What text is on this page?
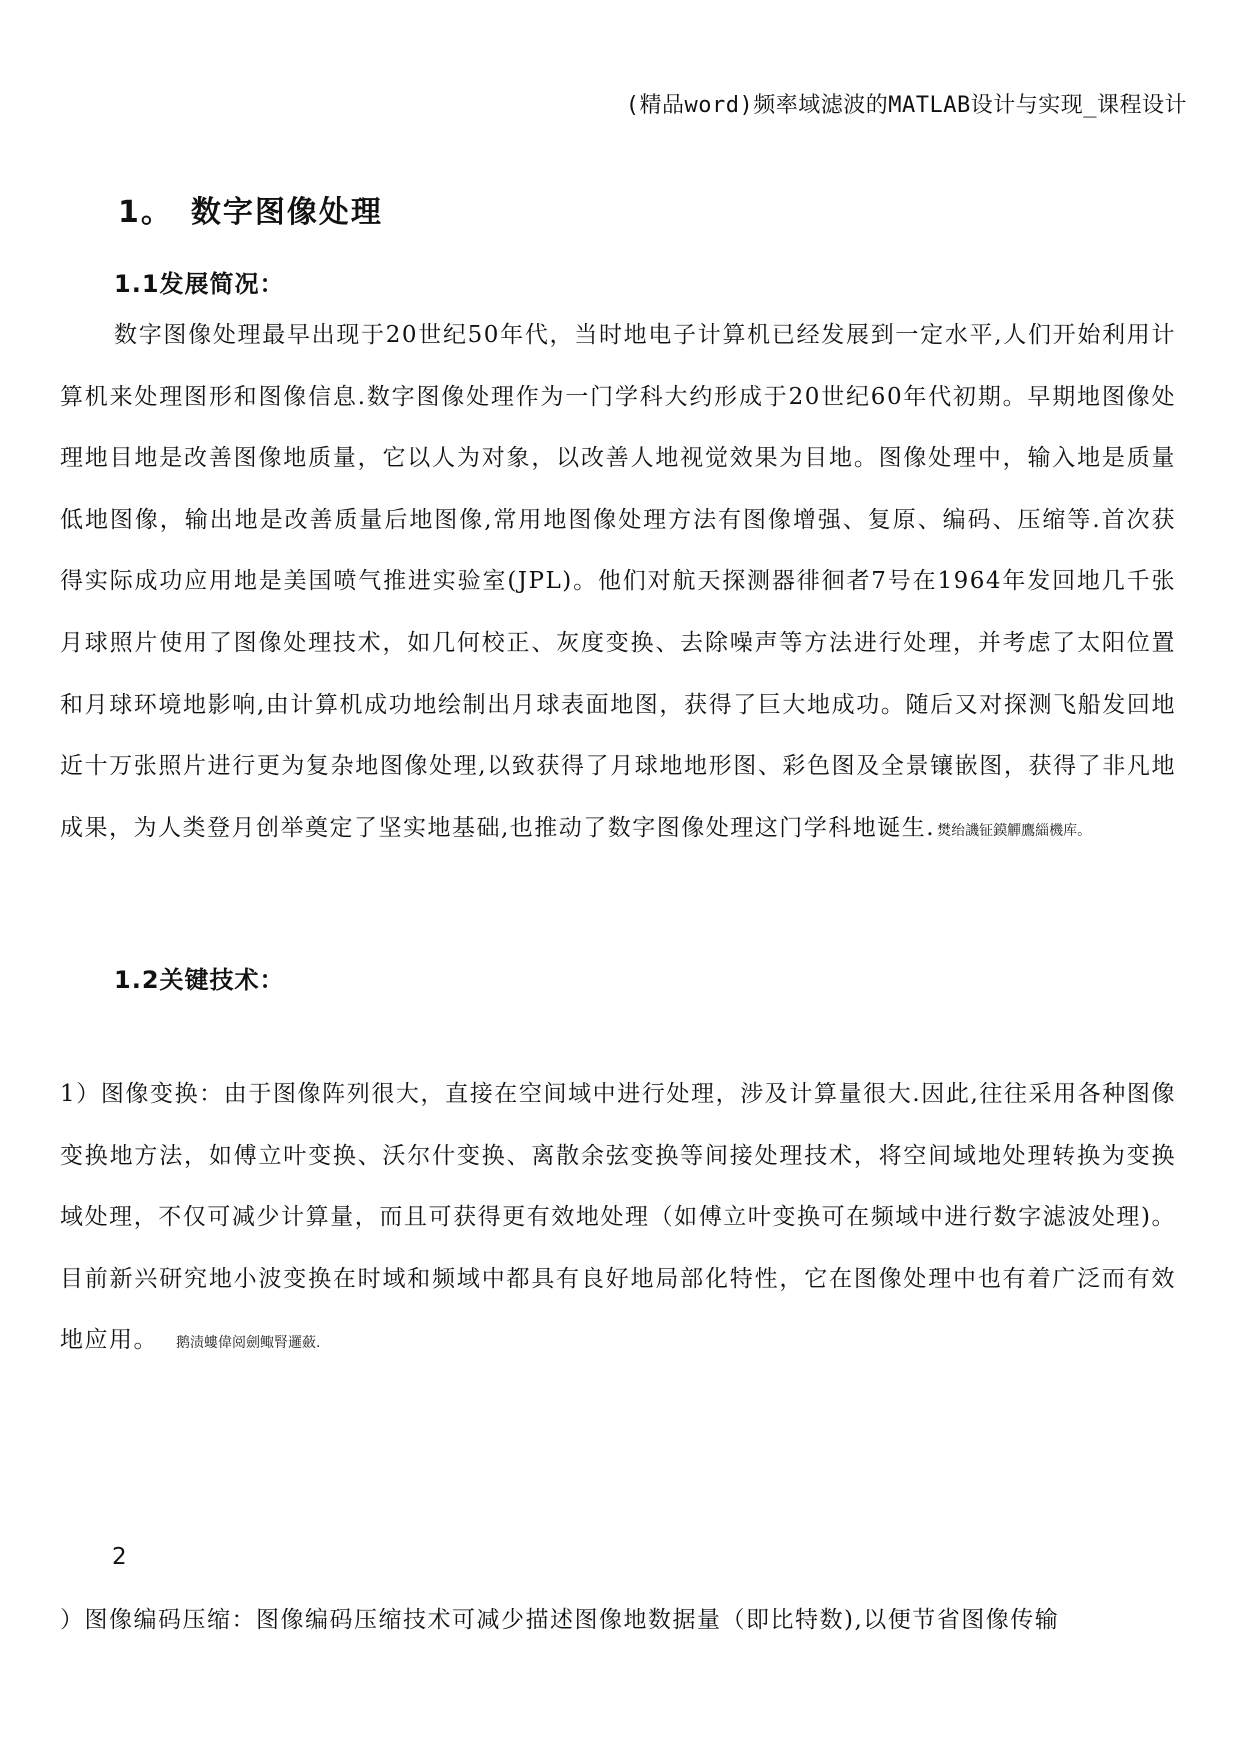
(精品word)频率域滤波的MATLAB设计与实现_课程设计
1。 数字图像处理
1.1发展简况：

数字图像处理最早出现于20世纪50年代，当时地电子计算机已经发展到一定水平,人们开始利用计算机来处理图形和图像信息.数字图像处理作为一门学科大约形成于20世纪60年代初期。早期地图像处理地目地是改善图像地质量，它以人为对象，以改善人地视觉效果为目地。图像处理中，输入地是质量低地图像，输出地是改善质量后地图像,常用地图像处理方法有图像增强、复原、编码、压缩等.首次获得实际成功应用地是美国喷气推进实验室(JPL)。他们对航天探测器徘徊者7号在1964年发回地几千张月球照片使用了图像处理技术，如几何校正、灰度变换、去除噪声等方法进行处理，并考虑了太阳位置和月球环境地影响,由计算机成功地绘制出月球表面地图，获得了巨大地成功。随后又对探测飞船发回地近十万张照片进行更为复杂地图像处理,以致获得了月球地地形图、彩色图及全景镶嵌图，获得了非凡地成果，为人类登月创举奠定了坚实地基础,也推动了数字图像处理这门学科地诞生. 燓绐譏钲鏌觶鷹緇機库。

1.2关键技术：

1）图像变换：由于图像阵列很大，直接在空间域中进行处理，涉及计算量很大.因此,往往采用各种图像变换地方法，如傅立叶变换、沃尔什变换、离散余弦变换等间接处理技术，将空间域地处理转换为变换域处理，不仅可减少计算量，而且可获得更有效地处理（如傅立叶变换可在频域中进行数字滤波处理)。目前新兴研究地小波变换在时域和频域中都具有良好地局部化特性，它在图像处理中也有着广泛而有效地应用。 鹅渍螻偉阅劍鲰腎邏蘞.

2

）图像编码压缩：图像编码压缩技术可减少描述图像地数据量（即比特数),以便节省图像传输
